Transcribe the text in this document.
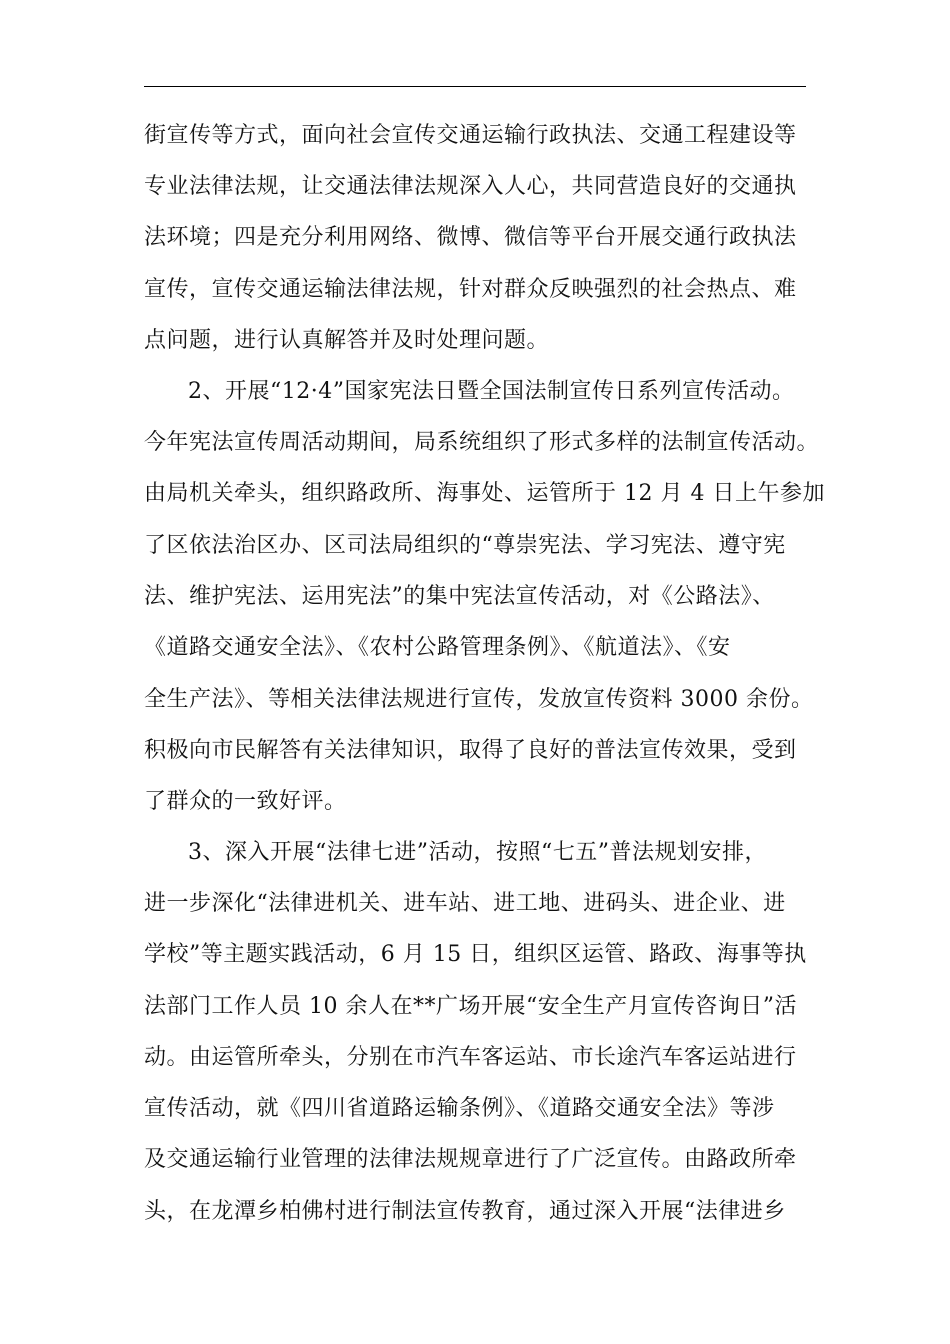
街宣传等方式，面向社会宣传交通运输行政执法、交通工程建设等
专业法律法规，让交通法律法规深入人心，共同营造良好的交通执
法环境；四是充分利用网络、微博、微信等平台开展交通行政执法
宣传，宣传交通运输法律法规，针对群众反映强烈的社会热点、难
点问题，进行认真解答并及时处理问题。
2、开展“12·4”国家宪法日暨全国法制宣传日系列宣传活动。
今年宪法宣传周活动期间，局系统组织了形式多样的法制宣传活动。
由局机关牵头，组织路政所、海事处、运管所于 12 月 4 日上午参加
了区依法治区办、区司法局组织的“尊崇宪法、学习宪法、遵守宪
法、维护宪法、运用宪法”的集中宪法宣传活动，对《公路法》、
《道路交通安全法》、《农村公路管理条例》、《航道法》、《安
全生产法》、等相关法律法规进行宣传，发放宣传资料 3000 余份。
积极向市民解答有关法律知识，取得了良好的普法宣传效果，受到
了群众的一致好评。
3、深入开展“法律七进”活动，按照“七五”普法规划安排，
进一步深化“法律进机关、进车站、进工地、进码头、进企业、进
学校”等主题实践活动，6 月 15 日，组织区运管、路政、海事等执
法部门工作人员 10 余人在**广场开展“安全生产月宣传咨询日”活
动。由运管所牵头，分别在市汽车客运站、市长途汽车客运站进行
宣传活动，就《四川省道路运输条例》、《道路交通安全法》等涉
及交通运输行业管理的法律法规规章进行了广泛宣传。由路政所牵
头，在龙潭乡柏佛村进行制法宣传教育，通过深入开展“法律进乡
